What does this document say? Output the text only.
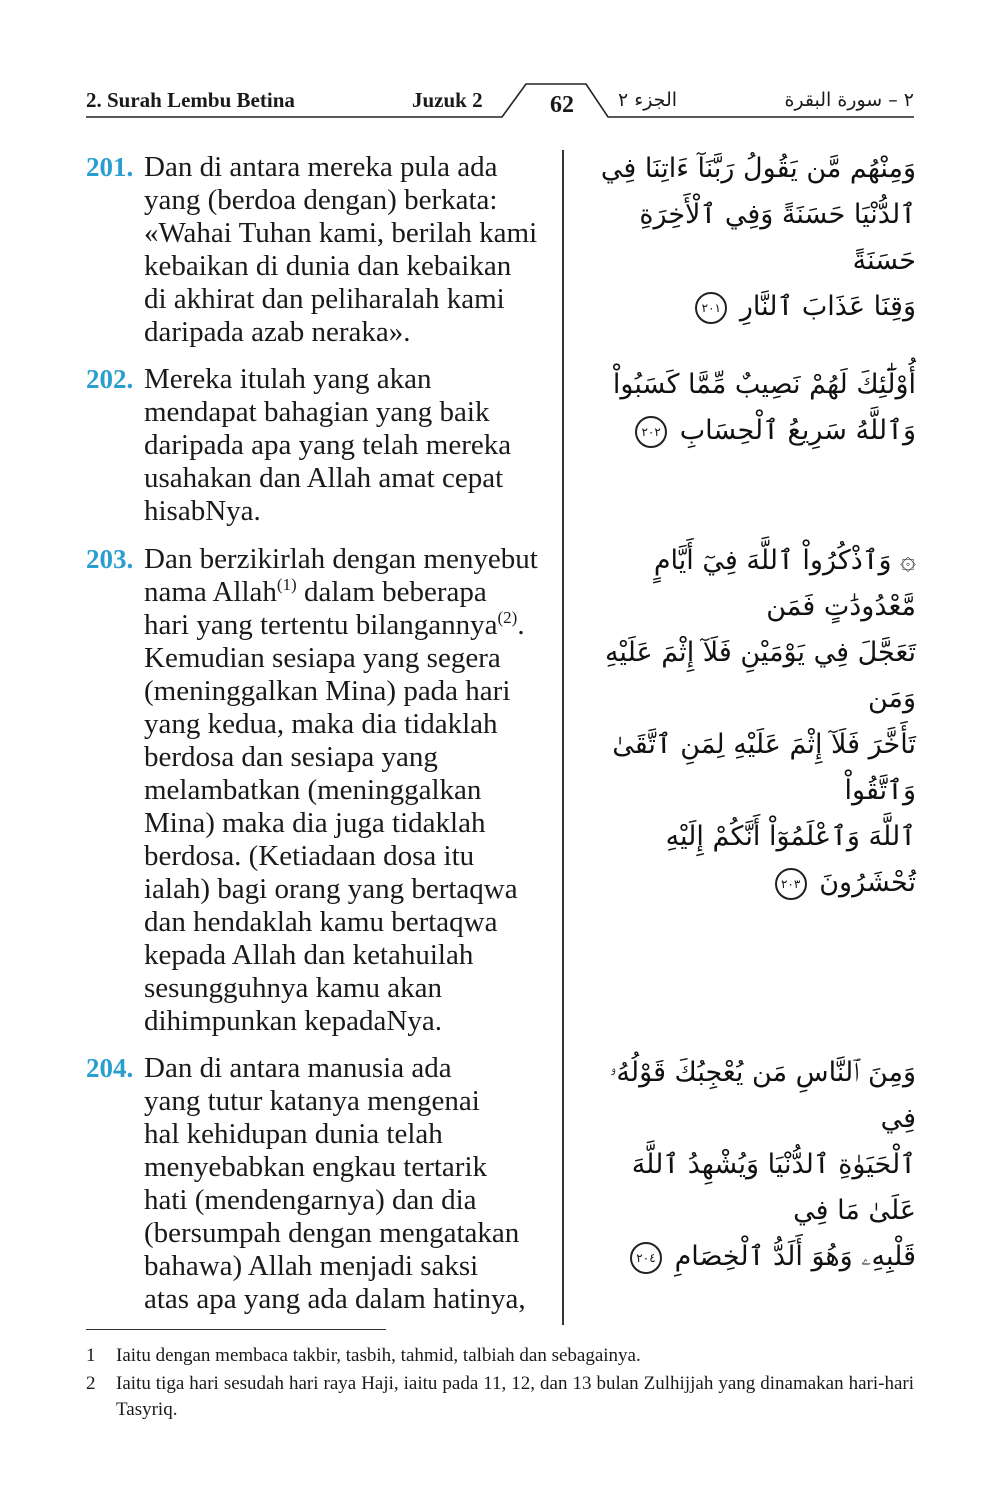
2. Surah Lembu Betina	Juzuk 2	62	الجزء ٢	٢ – سورة البقرة
201. Dan di antara mereka pula ada
yang (berdoa dengan) berkata:
«Wahai Tuhan kami, berilah kami
kebaikan di dunia dan kebaikan
di akhirat dan peliharalah kami
daripada azab neraka».
وَمِنْهُم مَّن يَقُولُ رَبَّنَآ ءَاتِنَا فِي
ٱلدُّنْيَا حَسَنَةً وَفِي ٱلْأَخِرَةِ حَسَنَةً
وَقِنَا عَذَابَ ٱلنَّارِ ٢٠١
202. Mereka itulah yang akan
mendapat bahagian yang baik
daripada apa yang telah mereka
usahakan dan Allah amat cepat
hisabNya.
أُوْلَٰٓئِكَ لَهُمْ نَصِيبٌ مِّمَّا كَسَبُواْ
وَٱللَّهُ سَرِيعُ ٱلْحِسَابِ ٢٠٢
203. Dan berzikirlah dengan menyebut
nama Allah$^{(1)}$ dalam beberapa
hari yang tertentu bilangannya$^{(2)}$.
Kemudian sesiapa yang segera
(meninggalkan Mina) pada hari
yang kedua, maka dia tidaklah
berdosa dan sesiapa yang
melambatkan (meninggalkan
Mina) maka dia juga tidaklah
berdosa. (Ketiadaan dosa itu
ialah) bagi orang yang bertaqwa
dan hendaklah kamu bertaqwa
kepada Allah dan ketahuilah
sesungguhnya kamu akan
dihimpunkan kepadaNya.
۞ وَٱذْكُرُواْ ٱللَّهَ فِيٓ أَيَّامٍ مَّعْدُودَٰتٍ فَمَن
تَعَجَّلَ فِي يَوْمَيْنِ فَلَآ إِثْمَ عَلَيْهِ وَمَن
تَأَخَّرَ فَلَآ إِثْمَ عَلَيْهِ لِمَنِ ٱتَّقَىٰ وَٱتَّقُواْ
ٱللَّهَ وَٱعْلَمُوٓاْ أَنَّكُمْ إِلَيْهِ تُحْشَرُونَ ٢٠٣
204. Dan di antara manusia ada
yang tutur katanya mengenai
hal kehidupan dunia telah
menyebabkan engkau tertarik
hati (mendengarnya) dan dia
(bersumpah dengan mengatakan
bahawa) Allah menjadi saksi
atas apa yang ada dalam hatinya,
وَمِنَ ٱلنَّاسِ مَن يُعْجِبُكَ قَوْلُهُۥ فِي
ٱلْحَيَوٰةِ ٱلدُّنْيَا وَيُشْهِدُ ٱللَّهَ عَلَىٰ مَا فِي
قَلْبِهِۦ وَهُوَ أَلَدُّ ٱلْخِصَامِ ٢٠٤
1 Iaitu dengan membaca takbir, tasbih, tahmid, talbiah dan sebagainya.
2 Iaitu tiga hari sesudah hari raya Haji, iaitu pada 11, 12, dan 13 bulan Zulhijjah yang dinamakan hari-hari Tasyriq.
